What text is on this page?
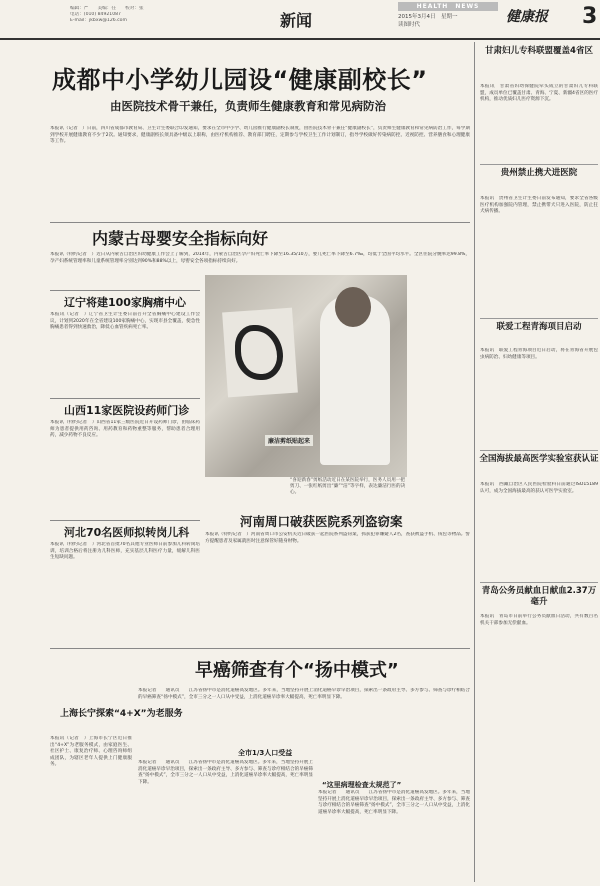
编辑：严　　美编：任　　校对：张
电话：(010) 84921087
E-mail：jkbxw@126.com	新闻
HEALTH　NEWS
2015年3月4日　星期一
读图时代	健康报 3
成都中小学幼儿园设“健康副校长”
由医院技术骨干兼任，负责师生健康教育和常见病防治
本报讯（记者　）日前，四川省成都市教育局、卫生计生委联合印发通知，要求在全市中小学、幼儿园推行健康副校长制度，由医院技术骨干兼任“健康副校长”，负责师生健康教育和常见病防治工作，每学期到学校开展健康教育不少于2次。通知要求，健康副校长须具备中级以上职称，由医疗机构推荐、教育部门聘任，定期参与学校卫生工作计划制订，指导学校做好传染病防控、近视防控、营养膳食和心理健康等工作。
内蒙古母婴安全指标向好
本报讯（特约记者　）近日从内蒙古自治区妇幼健康工作会上了解到，2014年，内蒙古自治区孕产妇死亡率下降至16.35/10万，婴儿死亡率下降至6.7‰，均低于全国平均水平。全区住院分娩率达99.8%，孕产妇系统管理率和儿童系统管理率分别达到90%和88%以上，母婴安全各项指标持续向好。
辽宁将建100家胸痛中心
本报讯（记者　）辽宁省卫生计生委日前召开全省胸痛中心建设工作会议，计划到2020年在全省建设100家胸痛中心，实现市县全覆盖，使急性胸痛患者得到快速救治，降低心血管疾病死亡率。
山西11家医院设药师门诊
本报讯（特约记者　）山西省11家三级医院近日开设药师门诊，由临床药师为患者提供用药咨询、用药教育和药物重整等服务，帮助患者合理用药，减少药物不良反应。
河北70名医师拟转岗儿科
本报讯（特约记者　）河北省首批70名其他专业医师日前参加儿科转岗培训，培训合格后将注册为儿科医师，充实基层儿科医疗力量，缓解儿科医生短缺问题。
廉洁剪纸贴起来
“喜迎新春”剪纸活动近日在某医院举行，医务人员用一把剪刀、一张红纸剪出“廉”“洁”等字样，表达廉洁行医的决心。
河南周口破获医院系列盗窃案
本报讯（特约记者　）河南省周口市公安机关近日破获一起医院系列盗窃案，抓获犯罪嫌疑人2名，查获被盗手机、钱包等物品。警方提醒患者及家属就医时注意保管好随身财物。
早癌筛查有个“扬中模式”
全市1/3人口受益
“这里病理检查太规范了”
本报记者　　通讯员　　江苏省扬中市是消化道癌高发地区。多年来，当地坚持开展上消化道癌早诊早治项目，探索出一条政府主导、多方参与、筛查与诊疗相结合的早癌筛查“扬中模式”，全市三分之一人口从中受益，上消化道癌早诊率大幅提高，死亡率明显下降。
本报记者　　通讯员　　江苏省扬中市是消化道癌高发地区。多年来，当地坚持开展上消化道癌早诊早治项目，探索出一条政府主导、多方参与、筛查与诊疗相结合的早癌筛查“扬中模式”，全市三分之一人口从中受益，上消化道癌早诊率大幅提高，死亡率明显下降。
本报记者　　通讯员　　江苏省扬中市是消化道癌高发地区。多年来，当地坚持开展上消化道癌早诊早治项目，探索出一条政府主导、多方参与、筛查与诊疗相结合的早癌筛查“扬中模式”，全市三分之一人口从中受益，上消化道癌早诊率大幅提高，死亡率明显下降。
上海长宁探索“4+X”为老服务
本报讯（记者　）上海市长宁区近日推出“4+X”为老服务模式，由家庭医生、社区护士、康复治疗师、心理咨询师组成团队，为辖区老年人提供上门健康服务。
甘肃妇儿专科联盟覆盖4省区
本报讯　甘肃省妇幼保健院牵头成立的甘肃妇儿专科联盟，成员单位已覆盖甘肃、青海、宁夏、新疆4省区的医疗机构，推动优质妇儿医疗资源下沉。
贵州禁止携犬进医院
本报讯　贵州省卫生计生委日前发布通知，要求全省各级医疗机构加强院内管理，禁止携带犬只进入医院，防止狂犬病传播。
联爱工程青海项目启动
本报讯　联爱工程青海项目近日启动，将在青海省开展包虫病防治、妇幼健康等项目。
全国海拔最高医学实验室获认证
本报讯　西藏自治区人民医院检验科日前通过ISO15189认可，成为全国海拔最高的获认可医学实验室。
青岛公务员献血日献血2.37万毫升
本报讯　青岛市日前举行公务员献血日活动，共有数百名机关干部参加无偿献血。
